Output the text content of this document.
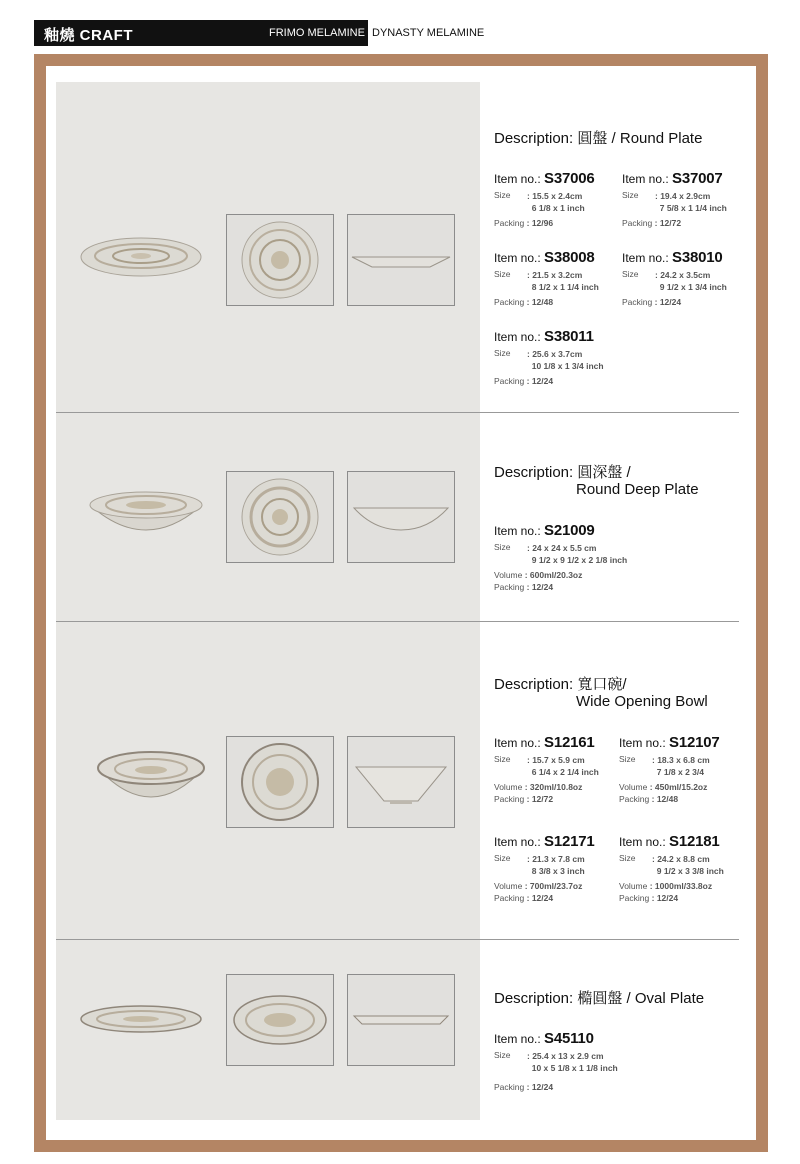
釉燒 CRAFT	FRIMO MELAMINE DYNASTY MELAMINE
Description: 圓盤 / Round Plate
Item no.: S37006
Size	: 15.5 x 2.4cm
6 1/8 x 1 inch
Packing : 12/96
Item no.: S37007
Size	: 19.4 x 2.9cm
7 5/8 x 1 1/4 inch
Packing : 12/72
Item no.: S38008
Size	: 21.5 x 3.2cm
8 1/2 x 1 1/4 inch
Packing : 12/48
Item no.: S38010
Size	: 24.2 x 3.5cm
9 1/2 x 1 3/4 inch
Packing : 12/24
Item no.: S38011
Size	: 25.6 x 3.7cm
10 1/8 x 1 3/4 inch
Packing : 12/24
Description: 圓深盤 /
Round Deep Plate
Item no.: S21009
Size	: 24 x 24 x 5.5 cm
9 1/2 x 9 1/2 x 2 1/8 inch
Volume : 600ml/20.3oz
Packing : 12/24
Description: 寬口碗/
Wide Opening Bowl
Item no.: S12161
Size	: 15.7 x 5.9 cm
6 1/4 x 2 1/4 inch
Volume : 320ml/10.8oz
Packing : 12/72
Item no.: S12107
Size	: 18.3 x 6.8 cm
7 1/8 x 2 3/4
Volume : 450ml/15.2oz
Packing : 12/48
Item no.: S12171
Size	: 21.3 x 7.8 cm
8 3/8 x 3 inch
Volume : 700ml/23.7oz
Packing : 12/24
Item no.: S12181
Size	: 24.2 x 8.8 cm
9 1/2 x 3 3/8 inch
Volume : 1000ml/33.8oz
Packing : 12/24
Description: 橢圓盤 / Oval Plate
Item no.: S45110
Size	: 25.4 x 13 x 2.9 cm
10 x 5 1/8 x 1 1/8 inch
Packing : 12/24
